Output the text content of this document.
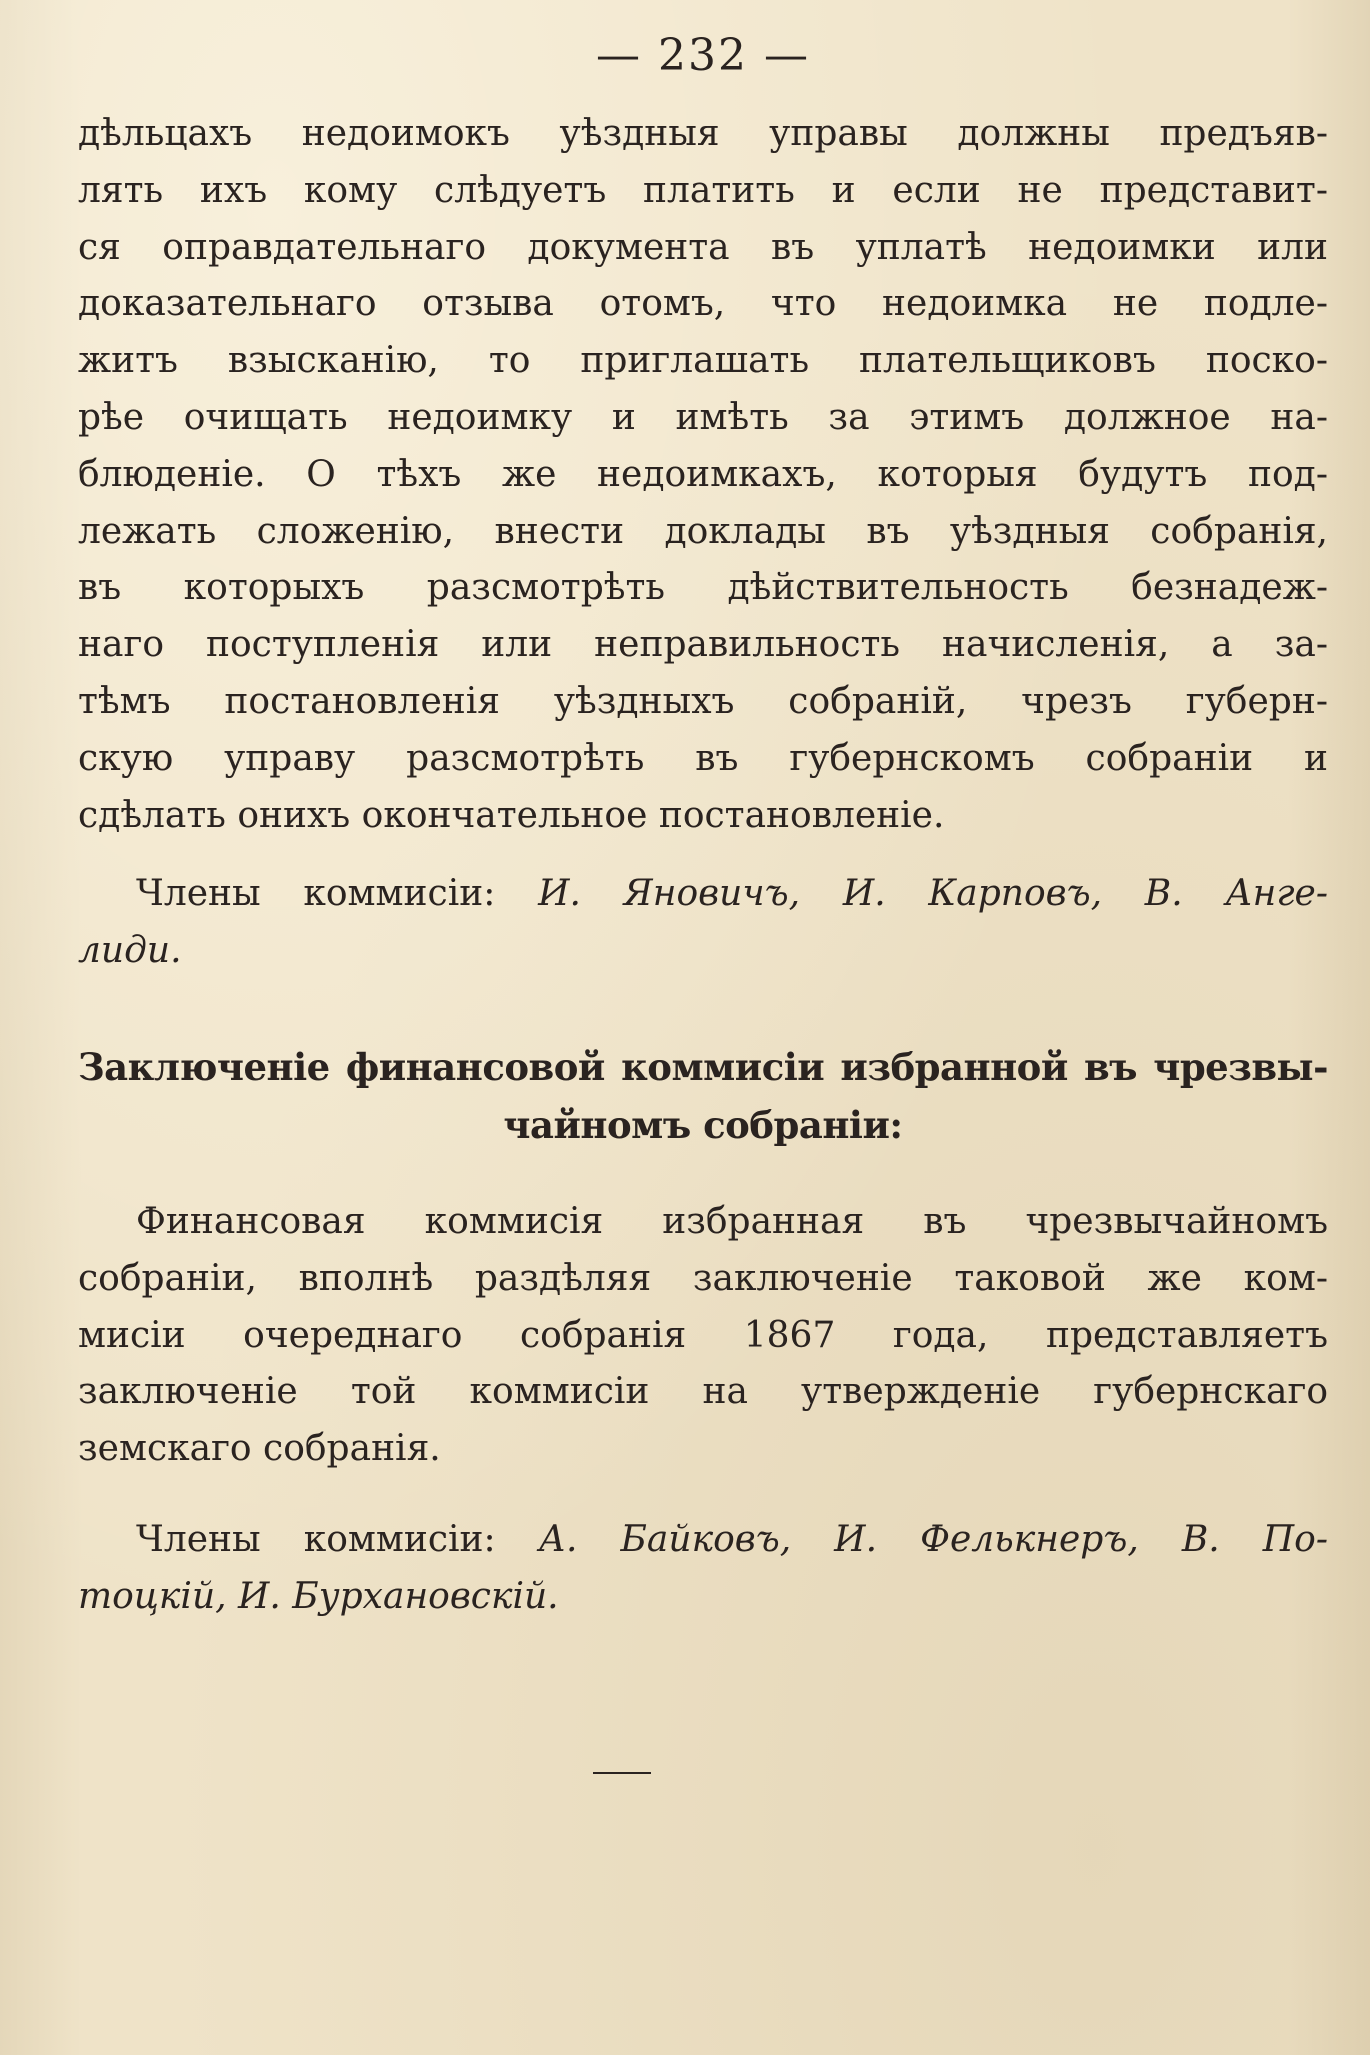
— 232 —
дѣльцахъ недоимокъ уѣздныя управы должны предъяв-
лять ихъ кому слѣдуетъ платить и если не представит-
ся оправдательнаго документа въ уплатѣ недоимки или
доказательнаго отзыва отомъ, что недоимка не подле-
житъ взысканію, то приглашать плательщиковъ поско-
рѣе очищать недоимку и имѣть за этимъ должное на-
блюденіе. О тѣхъ же недоимкахъ, которыя будутъ под-
лежать сложенію, внести доклады въ уѣздныя собранія,
въ которыхъ разсмотрѣть дѣйствительность безнадеж-
наго поступленія или неправильность начисленія, а за-
тѣмъ постановленія уѣздныхъ собраній, чрезъ губерн-
скую управу разсмотрѣть въ губернскомъ собраніи и
сдѣлать онихъ окончательное постановленіе.
Члены коммисіи: И. Яновичъ, И. Карповъ, В. Анге-
лиди.
Заключеніе финансовой коммисіи избранной въ чрезвы-
чайномъ собраніи:
Финансовая коммисія избранная въ чрезвычайномъ
собраніи, вполнѣ раздѣляя заключеніе таковой же ком-
мисіи очереднаго собранія 1867 года, представляетъ
заключеніе той коммисіи на утвержденіе губернскаго
земскаго собранія.
Члены коммисіи: А. Байковъ, И. Фелькнеръ, В. По-
тоцкій, И. Бурхановскій.
